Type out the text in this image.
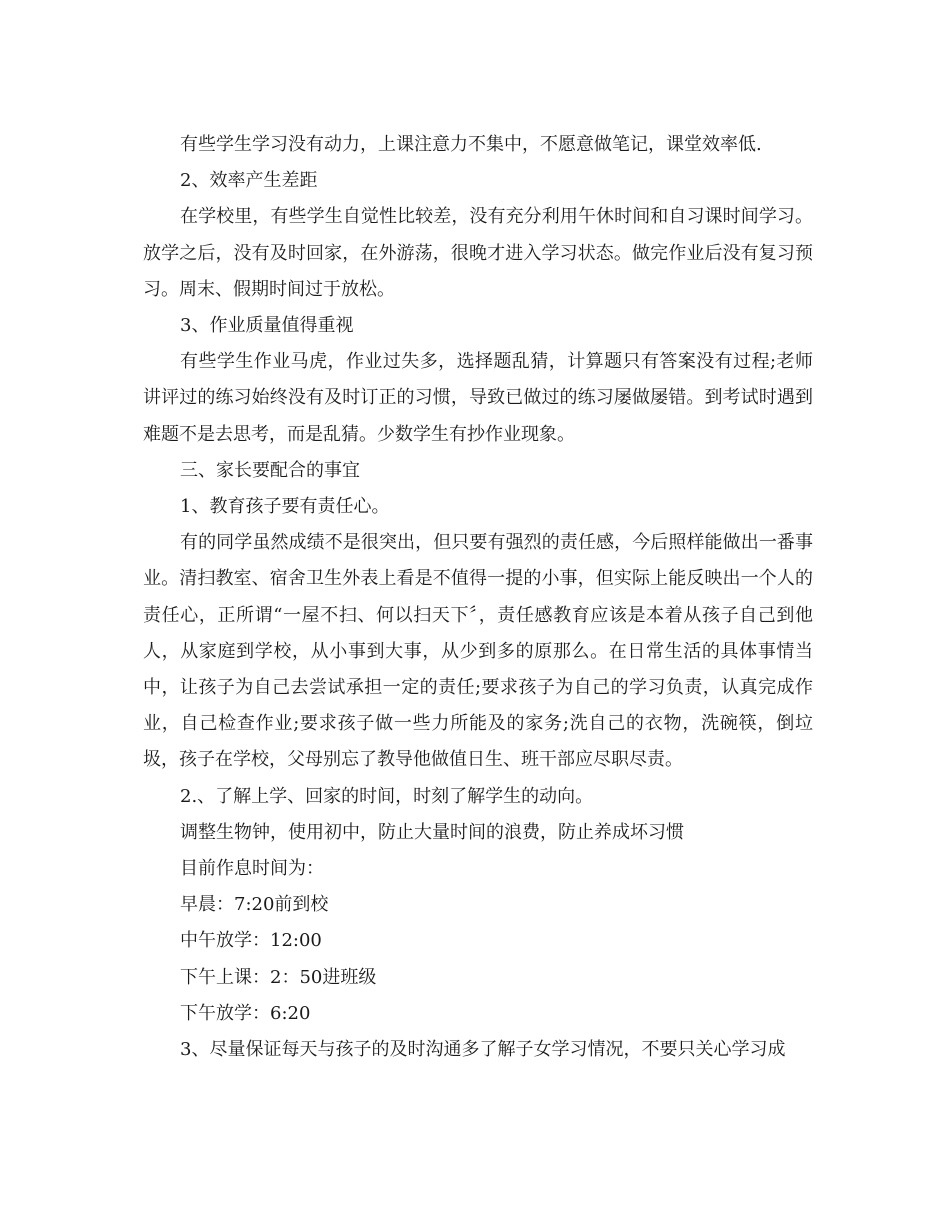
有些学生学习没有动力，上课注意力不集中，不愿意做笔记，课堂效率低.

2、效率产生差距

在学校里，有些学生自觉性比较差，没有充分利用午休时间和自习课时间学习。放学之后，没有及时回家，在外游荡，很晚才进入学习状态。做完作业后没有复习预习。周末、假期时间过于放松。

3、作业质量值得重视

有些学生作业马虎，作业过失多，选择题乱猜，计算题只有答案没有过程;老师讲评过的练习始终没有及时订正的习惯，导致已做过的练习屡做屡错。到考试时遇到难题不是去思考，而是乱猜。少数学生有抄作业现象。

三、家长要配合的事宜

1、教育孩子要有责任心。

有的同学虽然成绩不是很突出，但只要有强烈的责任感，今后照样能做出一番事业。清扫教室、宿舍卫生外表上看是不值得一提的小事，但实际上能反映出一个人的责任心，正所谓“一屋不扫、何以扫天下〞，责任感教育应该是本着从孩子自己到他人，从家庭到学校，从小事到大事，从少到多的原那么。在日常生活的具体事情当中，让孩子为自己去尝试承担一定的责任;要求孩子为自己的学习负责，认真完成作业，自己检查作业;要求孩子做一些力所能及的家务;洗自己的衣物，洗碗筷，倒垃圾，孩子在学校，父母别忘了教导他做值日生、班干部应尽职尽责。

2.、了解上学、回家的时间，时刻了解学生的动向。

调整生物钟，使用初中，防止大量时间的浪费，防止养成坏习惯

目前作息时间为：

早晨：7:20前到校

中午放学：12:00

下午上课：2：50进班级

下午放学：6:20

3、尽量保证每天与孩子的及时沟通多了解子女学习情况，不要只关心学习成
